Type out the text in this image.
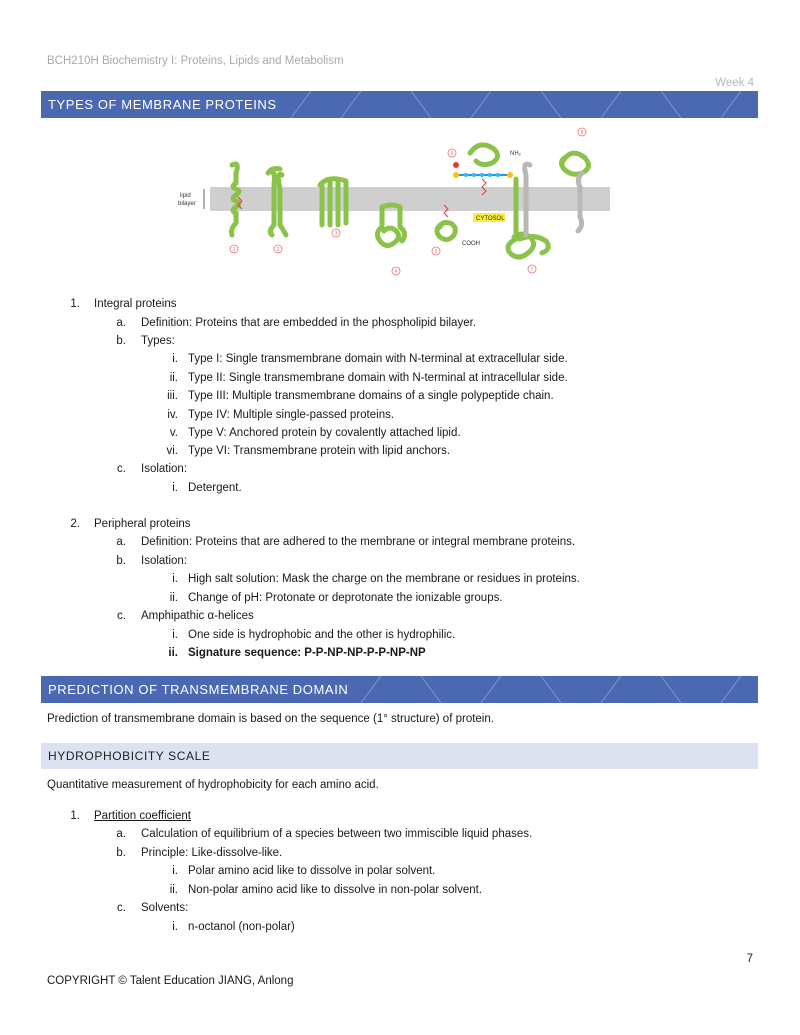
BCH210H Biochemistry I: Proteins, Lipids and Metabolism
Week 4
TYPES OF MEMBRANE PROTEINS
lipid
bilayer
CYTOSOL
NH₂
COOH
1	2
3
4
5
6
7
8
1. Integral proteins
a. Definition: Proteins that are embedded in the phospholipid bilayer.
b. Types:
i. Type I: Single transmembrane domain with N-terminal at extracellular side.
ii. Type II: Single transmembrane domain with N-terminal at intracellular side.
iii. Type III: Multiple transmembrane domains of a single polypeptide chain.
iv. Type IV: Multiple single-passed proteins.
v. Type V: Anchored protein by covalently attached lipid.
vi. Type VI: Transmembrane protein with lipid anchors.
c. Isolation:
i. Detergent.
2. Peripheral proteins
a. Definition: Proteins that are adhered to the membrane or integral membrane proteins.
b. Isolation:
i. High salt solution: Mask the charge on the membrane or residues in proteins.
ii. Change of pH: Protonate or deprotonate the ionizable groups.
c. Amphipathic α-helices
i. One side is hydrophobic and the other is hydrophilic.
ii. Signature sequence: P-P-NP-NP-P-P-NP-NP
PREDICTION OF TRANSMEMBRANE DOMAIN
Prediction of transmembrane domain is based on the sequence (1° structure) of protein.
HYDROPHOBICITY SCALE
Quantitative measurement of hydrophobicity for each amino acid.
1. Partition coefficient
a. Calculation of equilibrium of a species between two immiscible liquid phases.
b. Principle: Like-dissolve-like.
i. Polar amino acid like to dissolve in polar solvent.
ii. Non-polar amino acid like to dissolve in non-polar solvent.
c. Solvents:
i. n-octanol (non-polar)
7
COPYRIGHT © Talent Education JIANG, Anlong
